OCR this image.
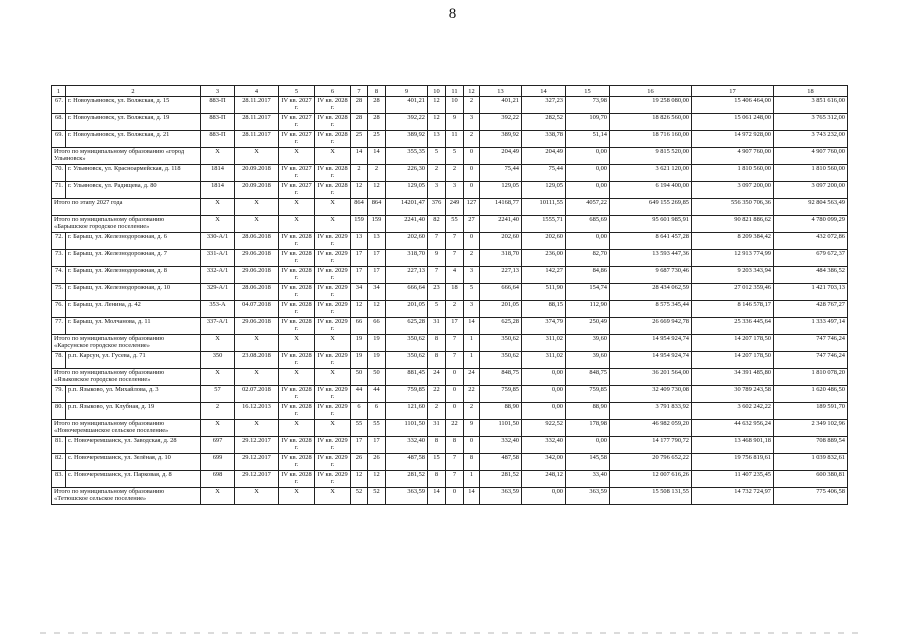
8
1	2	3	4	5	6	7	8	9	10	11	12	13	14	15	16	17	18
67.	г. Новоульяновск, ул. Волжская, д. 15	883-П	28.11.2017	IV кв. 2027 г.	IV кв. 2028 г.	28	28	401,21	12	10	2	401,21	327,23	73,98	19 258 080,00	15 406 464,00	3 851 616,00
68.	г. Новоульяновск, ул. Волжская, д. 19	883-П	28.11.2017	IV кв. 2027 г.	IV кв. 2028 г.	28	28	392,22	12	9	3	392,22	282,52	109,70	18 826 560,00	15 061 248,00	3 765 312,00
69.	г. Новоульяновск, ул. Волжская, д. 21	883-П	28.11.2017	IV кв. 2027 г.	IV кв. 2028 г.	25	25	389,92	13	11	2	389,92	338,78	51,14	18 716 160,00	14 972 928,00	3 743 232,00
Итого по муниципальному образованию «город Ульяновск»		X	X	X	X	14	14	355,35	5	5	0	204,49	204,49	0,00	9 815 520,00	4 907 760,00	4 907 760,00
70.	г. Ульяновск, ул. Красноармейская, д. 118	1814	20.09.2018	IV кв. 2027 г.	IV кв. 2028 г.	2	2	226,30	2	2	0	75,44	75,44	0,00	3 621 120,00	1 810 560,00	1 810 560,00
71.	г. Ульяновск, ул. Радищева, д. 80	1814	20.09.2018	IV кв. 2027 г.	IV кв. 2028 г.	12	12	129,05	3	3	0	129,05	129,05	0,00	6 194 400,00	3 097 200,00	3 097 200,00
Итого по этапу 2027 года		X	X	X	X	864	864	14201,47	376	249	127	14168,77	10111,55	4057,22	649 155 269,85	556 350 706,36	92 804 563,49
Итого по муниципальному образованию «Барышское городское поселение»		X	X	X	X	159	159	2241,40	82	55	27	2241,40	1555,71	685,69	95 601 985,91	90 821 886,62	4 780 099,29
72.	г. Барыш, ул. Железнодорожная, д. 6	330-А/1	28.06.2018	IV кв. 2028 г.	IV кв. 2029 г.	13	13	202,60	7	7	0	202,60	202,60	0,00	8 641 457,28	8 209 384,42	432 072,86
73.	г. Барыш, ул. Железнодорожная, д. 7	331-А/1	29.06.2018	IV кв. 2028 г.	IV кв. 2029 г.	17	17	318,70	9	7	2	318,70	236,00	82,70	13 593 447,36	12 913 774,99	679 672,37
74.	г. Барыш, ул. Железнодорожная, д. 8	332-А/1	29.06.2018	IV кв. 2028 г.	IV кв. 2029 г.	17	17	227,13	7	4	3	227,13	142,27	84,86	9 687 730,46	9 203 343,94	484 386,52
75.	г. Барыш, ул. Железнодорожная, д. 10	329-А/1	28.06.2018	IV кв. 2028 г.	IV кв. 2029 г.	34	34	666,64	23	18	5	666,64	511,90	154,74	28 434 062,59	27 012 359,46	1 421 703,13
76.	г. Барыш, ул. Ленина, д. 42	353-А	04.07.2018	IV кв. 2028 г.	IV кв. 2029 г.	12	12	201,05	5	2	3	201,05	88,15	112,90	8 575 345,44	8 146 578,17	428 767,27
77.	г. Барыш, ул. Молчанова, д. 11	337-А/1	29.06.2018	IV кв. 2028 г.	IV кв. 2029 г.	66	66	625,28	31	17	14	625,28	374,79	250,49	26 669 942,78	25 336 445,64	1 333 497,14
Итого по муниципальному образованию «Карсунское городское поселение»		X	X	X	X	19	19	350,62	8	7	1	350,62	311,02	39,60	14 954 924,74	14 207 178,50	747 746,24
78.	р.п. Карсун, ул. Гусева, д. 71	350	23.08.2018	IV кв. 2028 г.	IV кв. 2029 г.	19	19	350,62	8	7	1	350,62	311,02	39,60	14 954 924,74	14 207 178,50	747 746,24
Итого по муниципальному образованию «Языковское городское поселение»		X	X	X	X	50	50	881,45	24	0	24	848,75	0,00	848,75	36 201 564,00	34 391 485,80	1 810 078,20
79.	р.п. Языково, ул. Михайлова, д. 3	57	02.07.2018	IV кв. 2028 г.	IV кв. 2029 г.	44	44	759,85	22	0	22	759,85	0,00	759,85	32 409 730,08	30 789 243,58	1 620 486,50
80.	р.п. Языково, ул. Клубная, д. 19	2	16.12.2013	IV кв. 2028 г.	IV кв. 2029 г.	6	6	121,60	2	0	2	88,90	0,00	88,90	3 791 833,92	3 602 242,22	189 591,70
Итого по муниципальному образованию «Новочеремшанское сельское поселение»		X	X	X	X	55	55	1101,50	31	22	9	1101,50	922,52	178,98	46 982 059,20	44 632 956,24	2 349 102,96
81.	с. Новочеремшанск, ул. Заводская, д. 28	697	29.12.2017	IV кв. 2028 г.	IV кв. 2029 г.	17	17	332,40	8	8	0	332,40	332,40	0,00	14 177 790,72	13 468 901,18	708 889,54
82.	с. Новочеремшанск, ул. Зелёная, д. 10	699	29.12.2017	IV кв. 2028 г.	IV кв. 2029 г.	26	26	487,58	15	7	8	487,58	342,00	145,58	20 796 652,22	19 756 819,61	1 039 832,61
83.	с. Новочеремшанск, ул. Парковая, д. 8	698	29.12.2017	IV кв. 2028 г.	IV кв. 2029 г.	12	12	281,52	8	7	1	281,52	248,12	33,40	12 007 616,26	11 407 235,45	600 380,81
Итого по муниципальному образованию «Тетюшское сельское поселение»		X	X	X	X	52	52	363,59	14	0	14	363,59	0,00	363,59	15 508 131,55	14 732 724,97	775 406,58
